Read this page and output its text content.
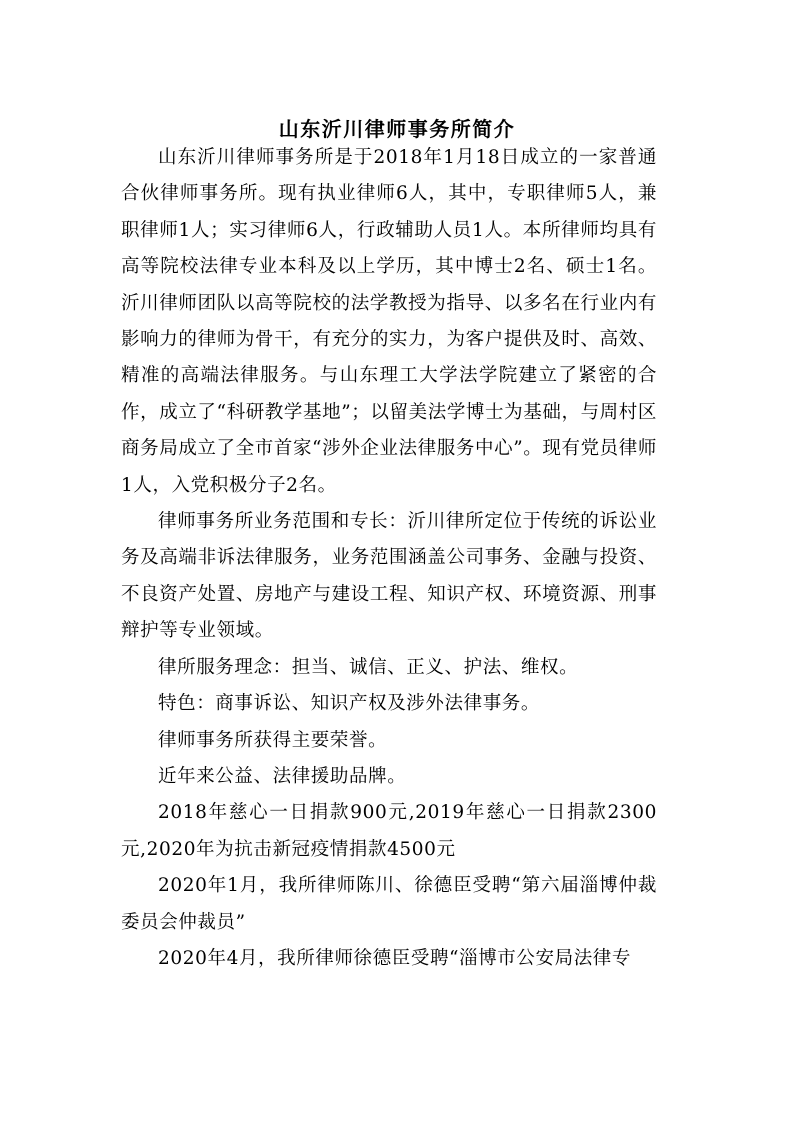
山东沂川律师事务所简介

山东沂川律师事务所是于2018年1月18日成立的一家普通合伙律师事务所。现有执业律师6人，其中，专职律师5人，兼职律师1人；实习律师6人，行政辅助人员1人。本所律师均具有高等院校法律专业本科及以上学历，其中博士2名、硕士1名。沂川律师团队以高等院校的法学教授为指导、以多名在行业内有影响力的律师为骨干，有充分的实力，为客户提供及时、高效、精准的高端法律服务。与山东理工大学法学院建立了紧密的合作，成立了“科研教学基地”；以留美法学博士为基础，与周村区商务局成立了全市首家“涉外企业法律服务中心”。现有党员律师1人，入党积极分子2名。

律师事务所业务范围和专长：沂川律所定位于传统的诉讼业务及高端非诉法律服务，业务范围涵盖公司事务、金融与投资、不良资产处置、房地产与建设工程、知识产权、环境资源、刑事辩护等专业领域。

律所服务理念：担当、诚信、正义、护法、维权。

特色：商事诉讼、知识产权及涉外法律事务。

律师事务所获得主要荣誉。

近年来公益、法律援助品牌。

2018年慈心一日捐款900元,2019年慈心一日捐款2300元,2020年为抗击新冠疫情捐款4500元

2020年1月，我所律师陈川、徐德臣受聘“第六届淄博仲裁委员会仲裁员”

2020年4月，我所律师徐德臣受聘“淄博市公安局法律专
